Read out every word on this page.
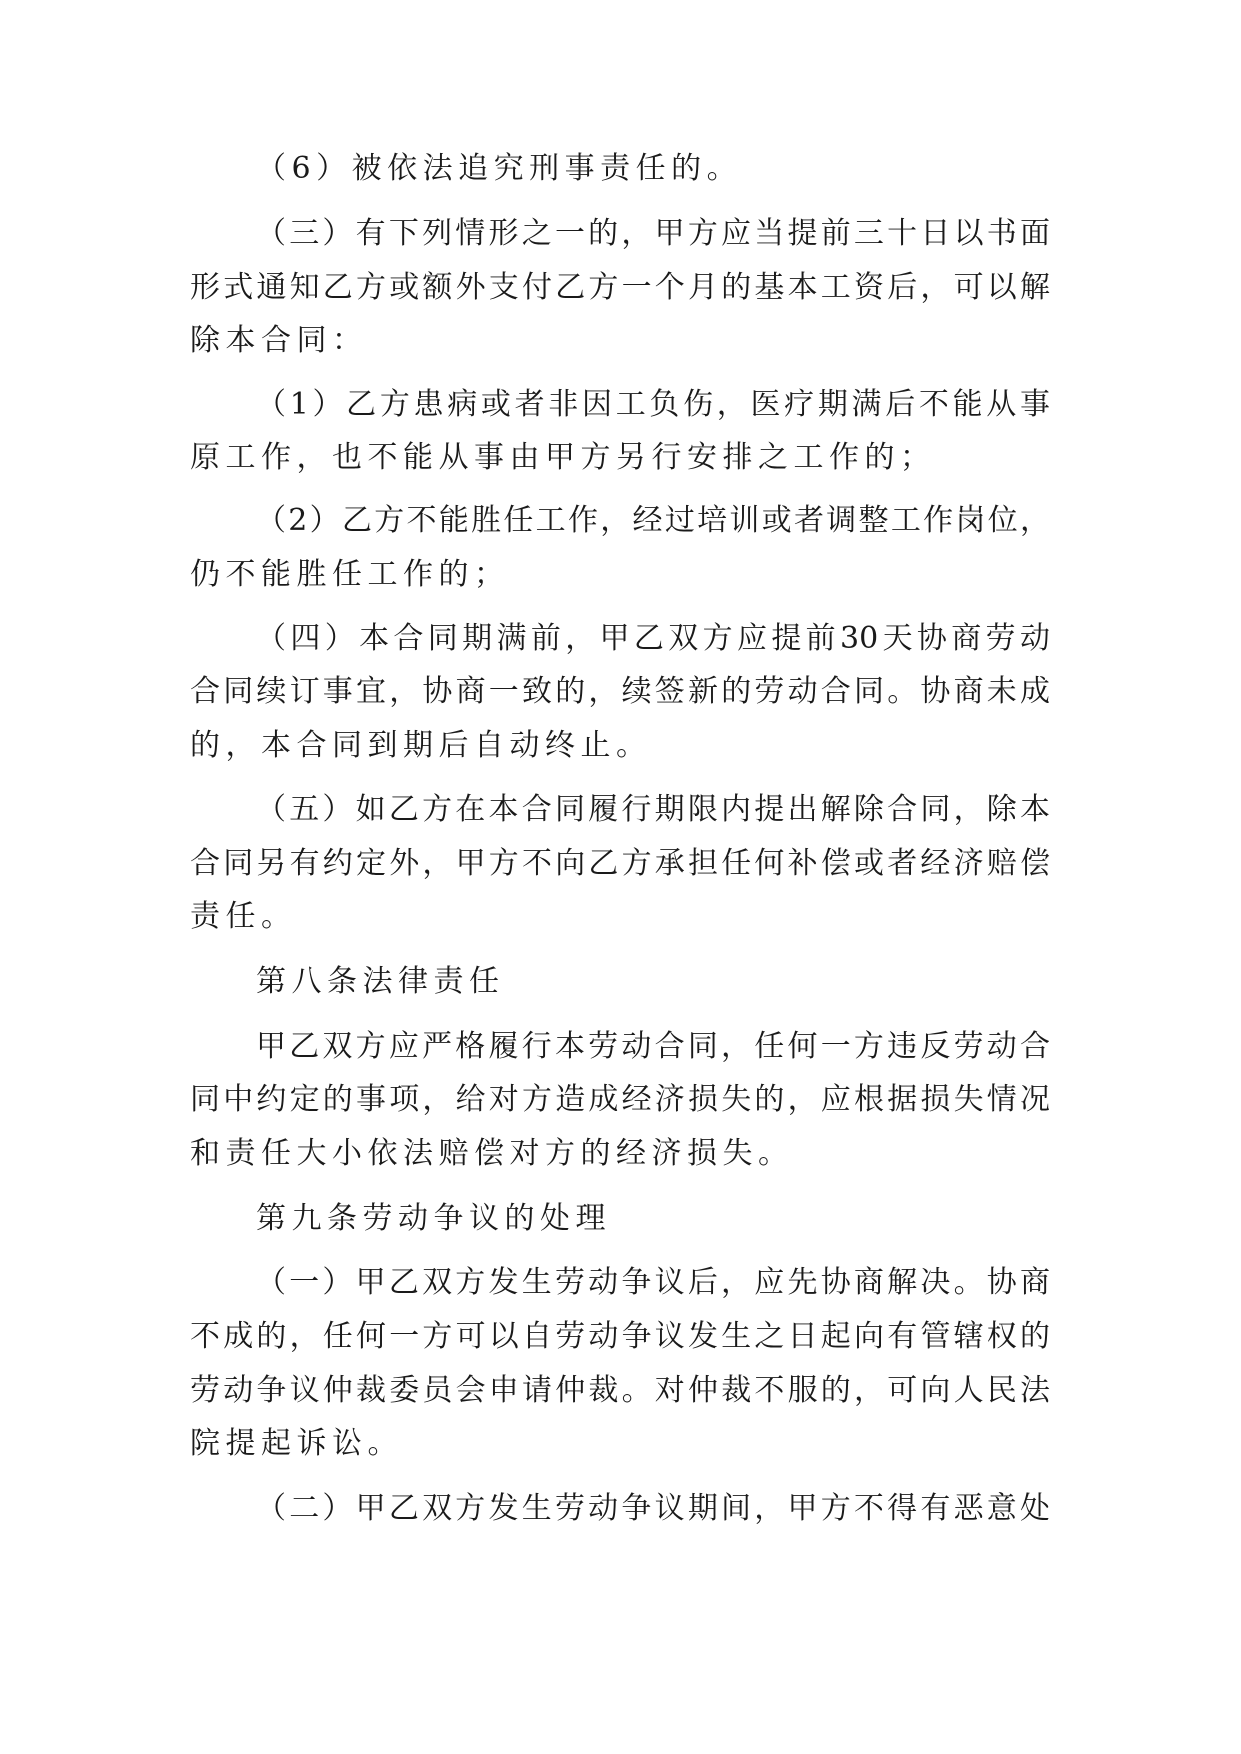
（6）被依法追究刑事责任的。
（三）有下列情形之一的，甲方应当提前三十日以书面
形式通知乙方或额外支付乙方一个月的基本工资后，可以解
除本合同：
（1）乙方患病或者非因工负伤，医疗期满后不能从事
原工作，也不能从事由甲方另行安排之工作的；
（2）乙方不能胜任工作，经过培训或者调整工作岗位，
仍不能胜任工作的；
（四）本合同期满前，甲乙双方应提前30天协商劳动
合同续订事宜，协商一致的，续签新的劳动合同。协商未成
的，本合同到期后自动终止。
（五）如乙方在本合同履行期限内提出解除合同，除本
合同另有约定外，甲方不向乙方承担任何补偿或者经济赔偿
责任。
第八条法律责任
甲乙双方应严格履行本劳动合同，任何一方违反劳动合
同中约定的事项，给对方造成经济损失的，应根据损失情况
和责任大小依法赔偿对方的经济损失。
第九条劳动争议的处理
（一）甲乙双方发生劳动争议后，应先协商解决。协商
不成的，任何一方可以自劳动争议发生之日起向有管辖权的
劳动争议仲裁委员会申请仲裁。对仲裁不服的，可向人民法
院提起诉讼。
（二）甲乙双方发生劳动争议期间，甲方不得有恶意处
